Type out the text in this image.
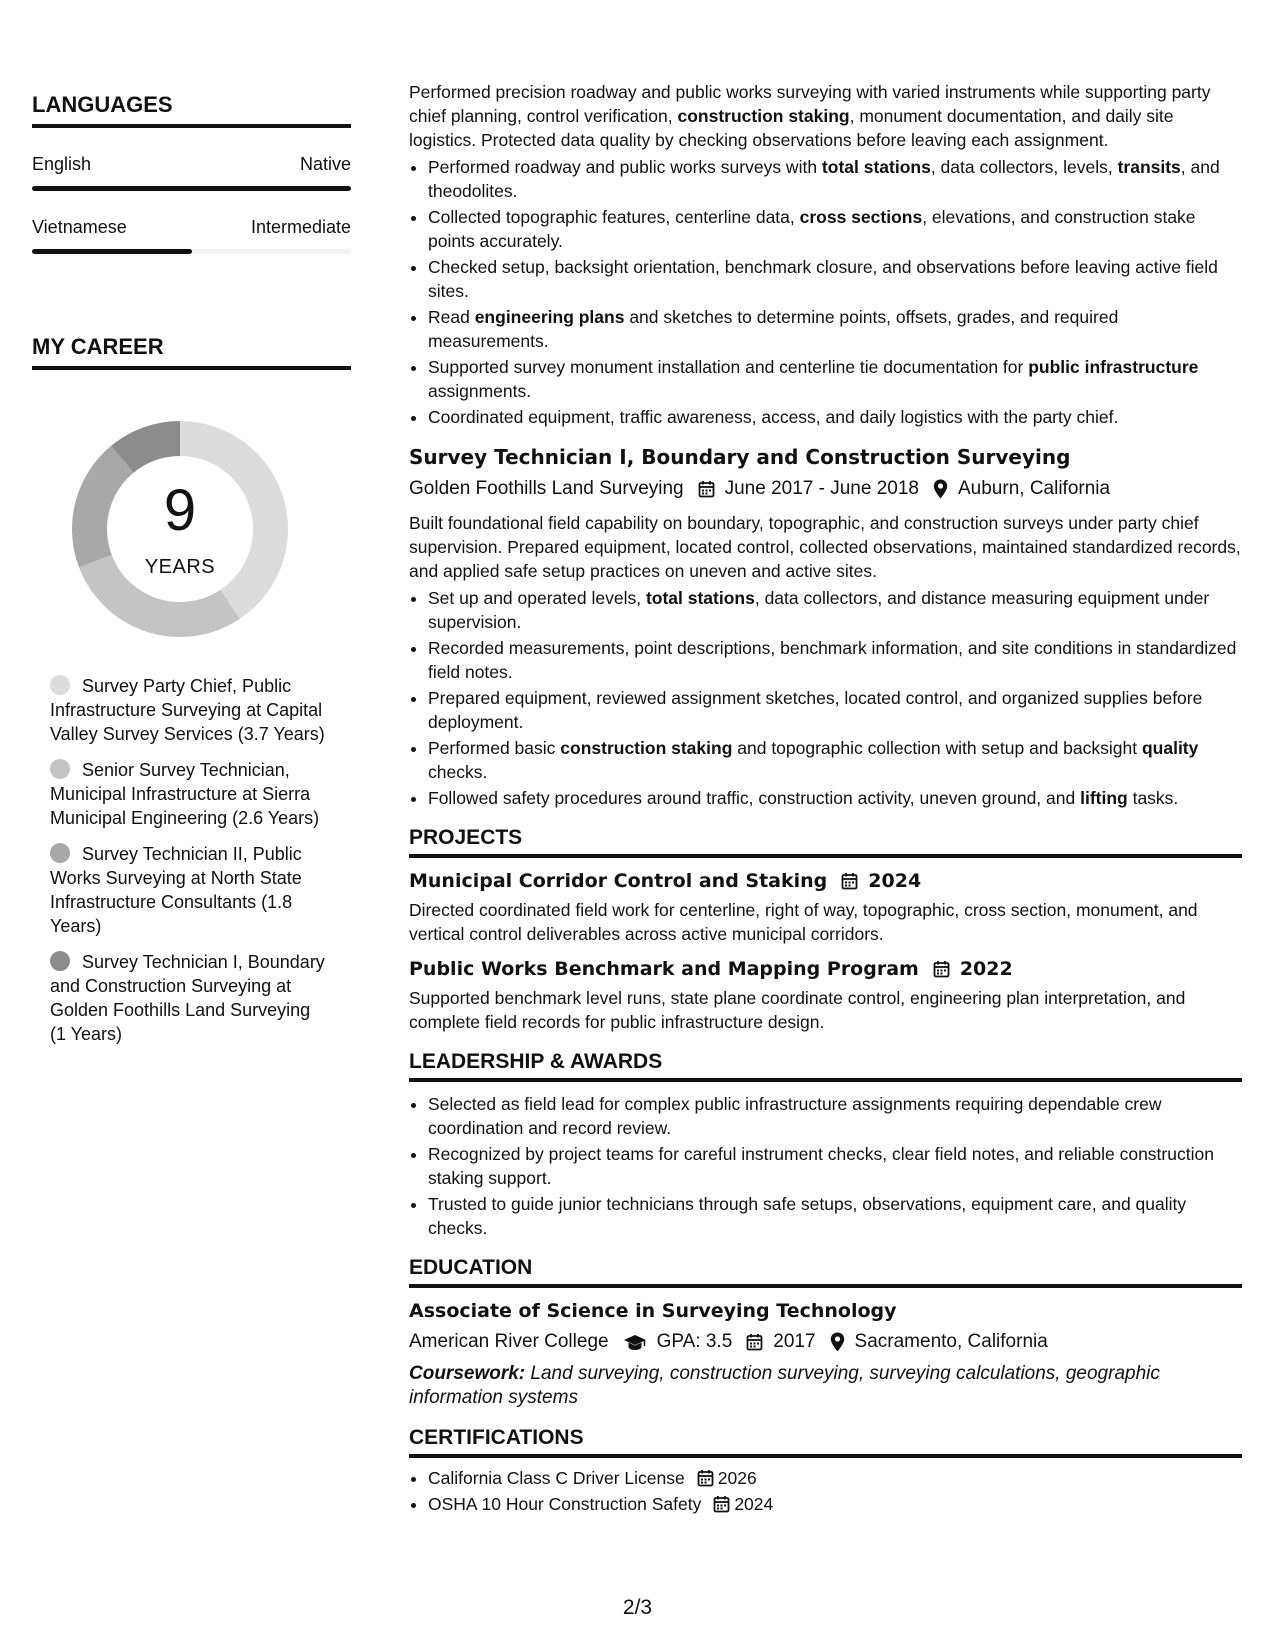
LANGUAGES
English	Native
Vietnamese	Intermediate
MY CAREER
9
YEARS
Survey Party Chief, Public Infrastructure Surveying at Capital Valley Survey Services (3.7 Years)
Senior Survey Technician, Municipal Infrastructure at Sierra Municipal Engineering (2.6 Years)
Survey Technician II, Public Works Surveying at North State Infrastructure Consultants (1.8 Years)
Survey Technician I, Boundary and Construction Surveying at Golden Foothills Land Surveying (1 Years)

Performed precision roadway and public works surveying with varied instruments while supporting party chief planning, control verification, construction staking, monument documentation, and daily site logistics. Protected data quality by checking observations before leaving each assignment.

• Performed roadway and public works surveys with total stations, data collectors, levels, transits, and theodolites.
• Collected topographic features, centerline data, cross sections, elevations, and construction stake points accurately.
• Checked setup, backsight orientation, benchmark closure, and observations before leaving active field sites.
• Read engineering plans and sketches to determine points, offsets, grades, and required measurements.
• Supported survey monument installation and centerline tie documentation for public infrastructure assignments.
• Coordinated equipment, traffic awareness, access, and daily logistics with the party chief.
Survey Technician I, Boundary and Construction Surveying
Golden Foothills Land Surveying June 2017 - June 2018 Auburn, California

Built foundational field capability on boundary, topographic, and construction surveys under party chief supervision. Prepared equipment, located control, collected observations, maintained standardized records, and applied safe setup practices on uneven and active sites.

• Set up and operated levels, total stations, data collectors, and distance measuring equipment under supervision.
• Recorded measurements, point descriptions, benchmark information, and site conditions in standardized field notes.
• Prepared equipment, reviewed assignment sketches, located control, and organized supplies before deployment.
• Performed basic construction staking and topographic collection with setup and backsight quality checks.
• Followed safety procedures around traffic, construction activity, uneven ground, and lifting tasks.
PROJECTS
Municipal Corridor Control and Staking 2024

Directed coordinated field work for centerline, right of way, topographic, cross section, monument, and vertical control deliverables across active municipal corridors.

Public Works Benchmark and Mapping Program 2022

Supported benchmark level runs, state plane coordinate control, engineering plan interpretation, and complete field records for public infrastructure design.

LEADERSHIP & AWARDS
• Selected as field lead for complex public infrastructure assignments requiring dependable crew coordination and record review.
• Recognized by project teams for careful instrument checks, clear field notes, and reliable construction staking support.
• Trusted to guide junior technicians through safe setups, observations, equipment care, and quality checks.
EDUCATION
Associate of Science in Surveying Technology
American River College	GPA: 3.5 2017 Sacramento, California
Coursework: Land surveying, construction surveying, surveying calculations, geographic information systems
CERTIFICATIONS
• California Class C Driver License 2026
• OSHA 10 Hour Construction Safety 2024
2/3
